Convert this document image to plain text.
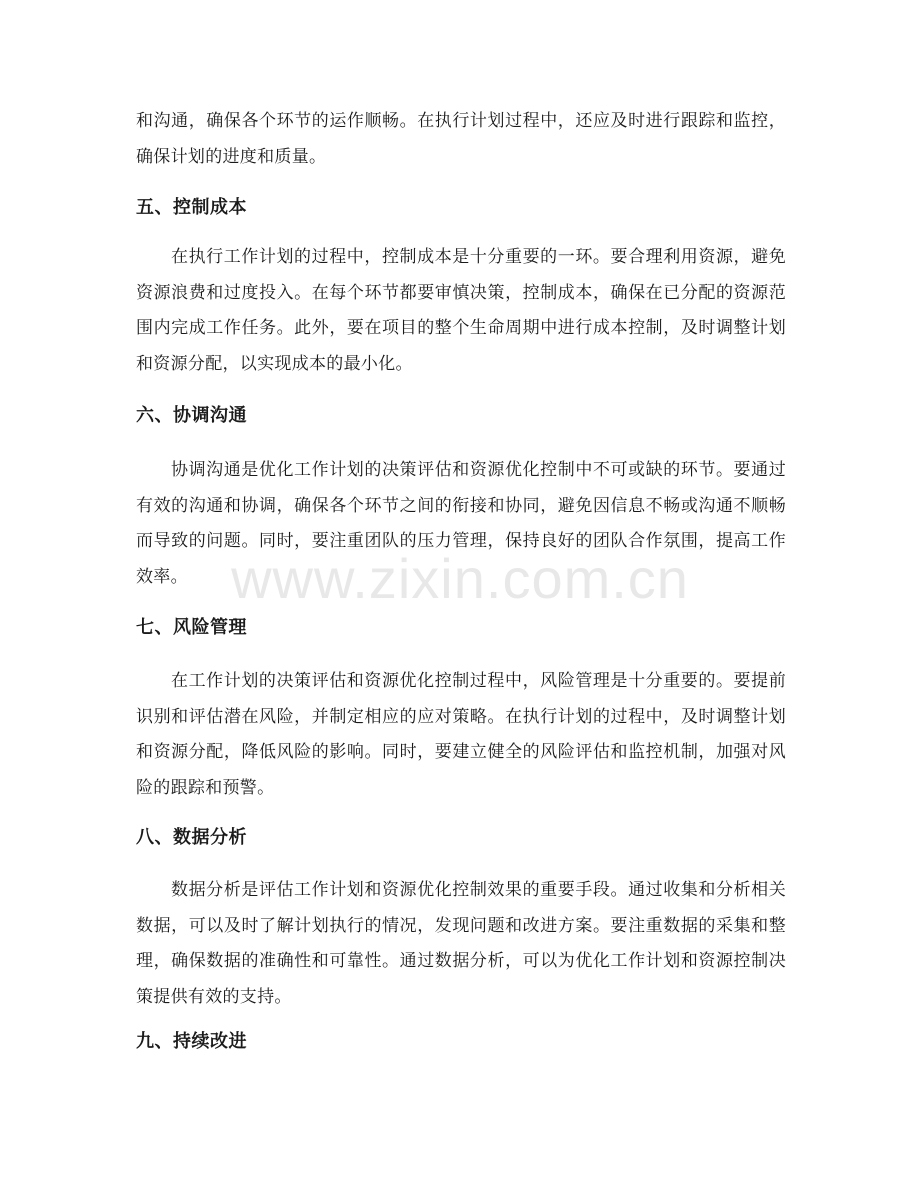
和沟通，确保各个环节的运作顺畅。在执行计划过程中，还应及时进行跟踪和监控，确保计划的进度和质量。

五、控制成本

在执行工作计划的过程中，控制成本是十分重要的一环。要合理利用资源，避免资源浪费和过度投入。在每个环节都要审慎决策，控制成本，确保在已分配的资源范围内完成工作任务。此外，要在项目的整个生命周期中进行成本控制，及时调整计划和资源分配，以实现成本的最小化。

六、协调沟通

协调沟通是优化工作计划的决策评估和资源优化控制中不可或缺的环节。要通过有效的沟通和协调，确保各个环节之间的衔接和协同，避免因信息不畅或沟通不顺畅而导致的问题。同时，要注重团队的压力管理，保持良好的团队合作氛围，提高工作效率。

七、风险管理

在工作计划的决策评估和资源优化控制过程中，风险管理是十分重要的。要提前识别和评估潜在风险，并制定相应的应对策略。在执行计划的过程中，及时调整计划和资源分配，降低风险的影响。同时，要建立健全的风险评估和监控机制，加强对风险的跟踪和预警。

八、数据分析

数据分析是评估工作计划和资源优化控制效果的重要手段。通过收集和分析相关数据，可以及时了解计划执行的情况，发现问题和改进方案。要注重数据的采集和整理，确保数据的准确性和可靠性。通过数据分析，可以为优化工作计划和资源控制决策提供有效的支持。

九、持续改进
www.zixin.com.cn
